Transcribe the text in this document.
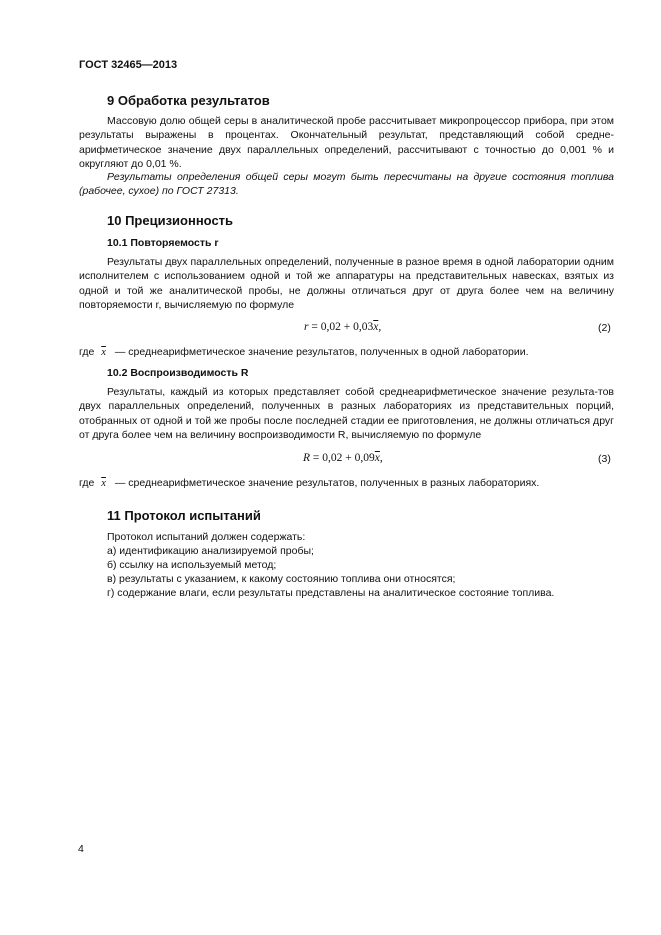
ГОСТ 32465—2013
9 Обработка результатов
Массовую долю общей серы в аналитической пробе рассчитывает микропроцессор прибора, при этом результаты выражены в процентах. Окончательный результат, представляющий собой средне-арифметическое значение двух параллельных определений, рассчитывают с точностью до 0,001 % и округляют до 0,01 %.
Результаты определения общей серы могут быть пересчитаны на другие состояния топлива (рабочее, сухое) по ГОСТ 27313.
10 Прецизионность
10.1 Повторяемость r
Результаты двух параллельных определений, полученные в разное время в одной лаборатории одним исполнителем с использованием одной и той же аппаратуры на представительных навесках, взятых из одной и той же аналитической пробы, не должны отличаться друг от друга более чем на величину повторяемости r, вычисляемую по формуле
$r = 0,02 + 0,03\overline{x}$,	(2)
где $\overline{x}$ — среднеарифметическое значение результатов, полученных в одной лаборатории.
10.2 Воспроизводимость R
Результаты, каждый из которых представляет собой среднеарифметическое значение результа-тов двух параллельных определений, полученных в разных лабораториях из представительных порций, отобранных от одной и той же пробы после последней стадии ее приготовления, не должны отличаться друг от друга более чем на величину воспроизводимости R, вычисляемую по формуле
$R = 0,02 + 0,09\overline{x}$,	(3)
где $\overline{x}$ — среднеарифметическое значение результатов, полученных в разных лабораториях.
11 Протокол испытаний
Протокол испытаний должен содержать:
а) идентификацию анализируемой пробы;
б) ссылку на используемый метод;
в) результаты с указанием, к какому состоянию топлива они относятся;
г) содержание влаги, если результаты представлены на аналитическое состояние топлива.
4
